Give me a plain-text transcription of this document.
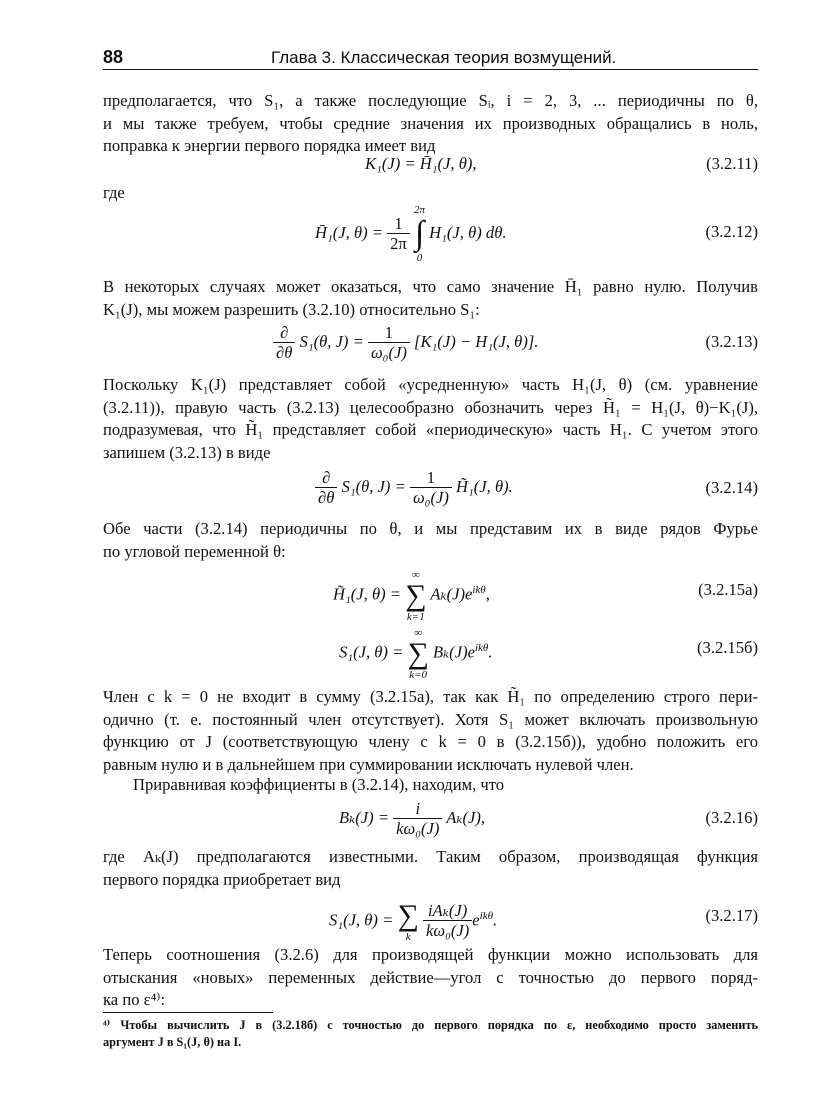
88	Глава 3. Классическая теория возмущений.
предполагается, что S₁, а также последующие Sᵢ, i = 2, 3, ... периодичны по θ,
и мы также требуем, чтобы средние значения их производных обращались в ноль,
поправка к энергии первого порядка имеет вид
K₁(J) = H̄₁(J, θ),	(3.2.11)
где
H̄₁(J, $\theta) = \frac{1}{2\pi}$

2π
∫
0
H₁(J, θ) dθ.	(3.2.12)
В некоторых случаях может оказаться, что само значение H̄₁ равно нулю. Получив
K₁(J), мы можем разрешить (3.2.10) относительно S₁:
$\frac{\partial}{\partial\theta} S_1(\theta$, $J) = \frac{1}{\text{ω₀(J)}} [K_1(J) - H_1(J$, θ)].	(3.2.13)
Поскольку K₁(J) представляет собой «усредненную» часть H₁(J, θ) (см. уравнение
(3.2.11)), правую часть (3.2.13) целесообразно обозначить через H̃₁ = H₁(J, θ)−K₁(J),
подразумевая, что H̃₁ представляет собой «периодическую» часть H₁. С учетом этого
запишем (3.2.13) в виде
$\frac{\partial}{\partial\theta} S_1(\theta$, $J) = \frac{1}{\text{ω₀(J)}}$ H̃₁(J, θ).	(3.2.14)
Обе части (3.2.14) периодичны по θ, и мы представим их в виде рядов Фурье
по угловой переменной θ:
H̃₁(J, θ) =
∞
∑
k=1
$A_k(J)e^{ik\theta}$,	(3.2.15а)
S₁(J, θ) =
∞
∑
k=0
$B_k(J)e^{ik\theta}$.	(3.2.15б)
Член с k = 0 не входит в сумму (3.2.15а), так как H̃₁ по определению строго пери-
одично (т. е. постоянный член отсутствует). Хотя S₁ может включать произвольную
функцию от J (соответствующую члену с k = 0 в (3.2.15б)), удобно положить его
равным нулю и в дальнейшем при суммировании исключать нулевой член.
Приравнивая коэффициенты в (3.2.14), находим, что
$B_k(J) = \frac{i}{\text{kω₀(J)}} A_k(J)$,	(3.2.16)
где Aₖ(J) предполагаются известными. Таким образом, производящая функция
первого порядка приобретает вид
S₁(J, θ) = ∑
k
$\frac{\text{iAₖ(J)}}{\text{kω₀(J)}} e^{ik\theta}$.	(3.2.17)
Теперь соотношения (3.2.6) для производящей функции можно использовать для
отыскания «новых» переменных действие—угол с точностью до первого поряд-
ка по ε⁴⁾:
⁴⁾ Чтобы вычислить J в (3.2.18б) с точностью до первого порядка по ε, необходимо просто заменить
аргумент J в S₁(J, θ) на I.
